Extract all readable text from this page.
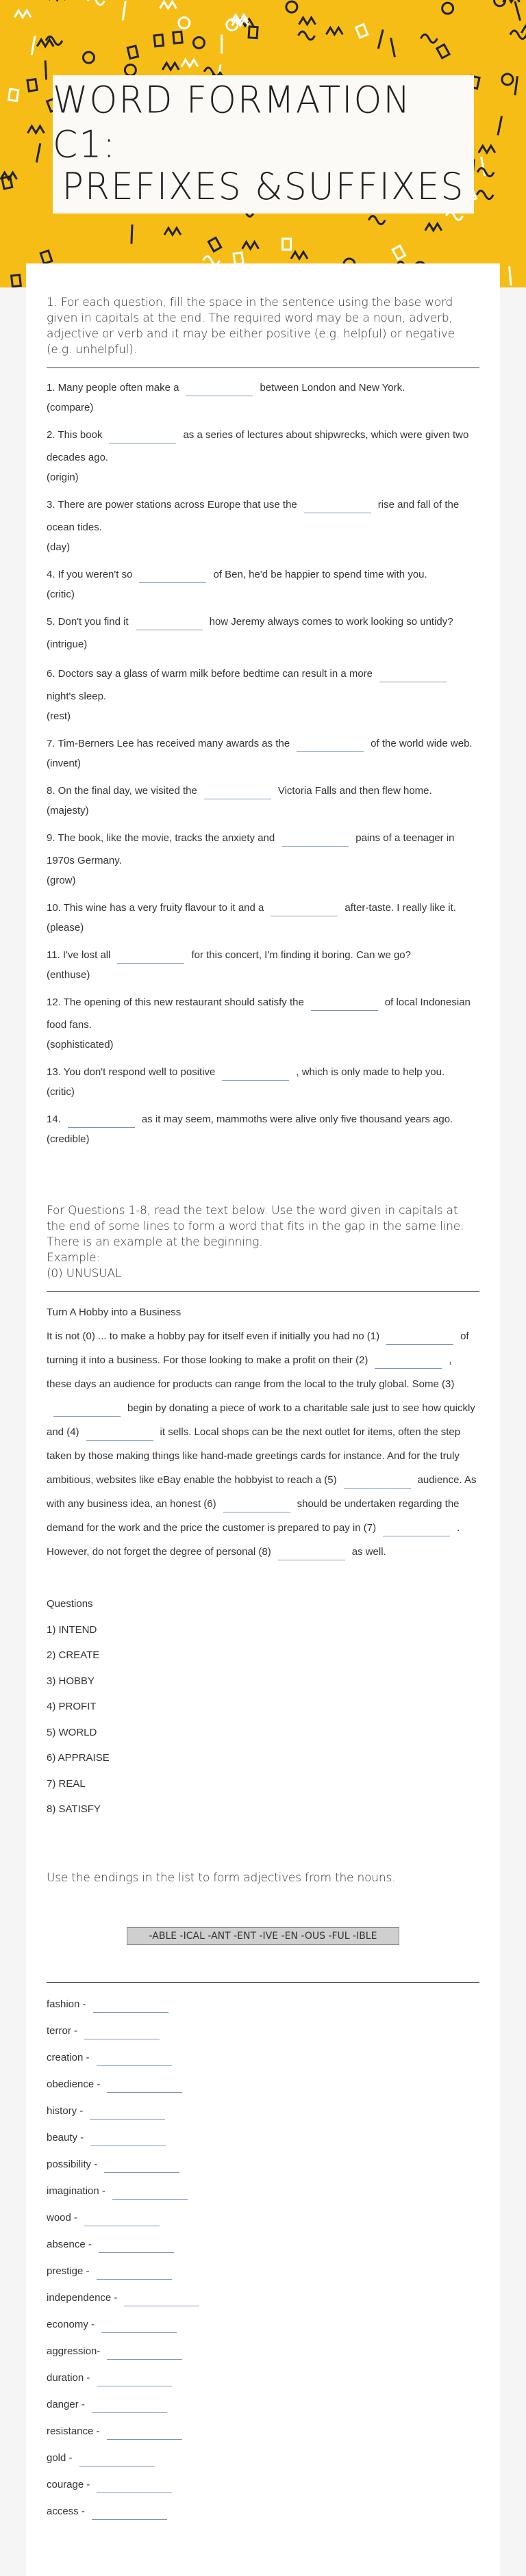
WORD FORMATION C1:
PREFIXES &SUFFIXES
1. For each question, fill the space in the sentence using the base word given in capitals at the end. The required word may be a noun, adverb, adjective or verb and it may be either positive (e.g. helpful) or negative (e.g. unhelpful).

1. Many people often make a	between London and New York.
(compare)

2. This book	as a series of lectures about shipwrecks, which were given two decades ago.
(origin)

3. There are power stations across Europe that use the	rise and fall of the ocean tides.
(day)

4. If you weren't so	of Ben, he'd be happier to spend time with you.
(critic)

5. Don't you find it	how Jeremy always comes to work looking so untidy?(intrigue)

6. Doctors say a glass of warm milk before bedtime can result in a morenight's sleep.
(rest)

7. Tim-Berners Lee has received many awards as the	of the world wide web.
(invent)

8. On the final day, we visited the	Victoria Falls and then flew home.
(majesty)

9. The book, like the movie, tracks the anxiety and	pains of a teenager in 1970s Germany.
(grow)

10. This wine has a very fruity flavour to it and a	after-taste. I really like it.
(please)

11. I've lost all	for this concert, I'm finding it boring. Can we go?
(enthuse)

12. The opening of this new restaurant should satisfy the	of local Indonesian food fans.
(sophisticated)

13. You don't respond well to positive	, which is only made to help you.
(critic)

14.	as it may seem, mammoths were alive only five thousand years ago.
(credible)

For Questions 1-8, read the text below. Use the word given in capitals at the end of some lines to form a word that fits in the gap in the same line. There is an example at the beginning.
Example:
(0) UNUSUAL
Turn A Hobby into a Business
It is not (0) ... to make a hobby pay for itself even if initially you had no (1)	of turning it into a business. For those looking to make a profit on their (2)	, these days an audience for products can range from the local to the truly global. Some (3)begin by donating a piece of work to a charitable sale just to see how quickly and (4)	it sells. Local shops can be the next outlet for items, often the step taken by those making things like hand-made greetings cards for instance. And for the truly ambitious, websites like eBay enable the hobbyist to reach a (5)	audience. As with any business idea, an honest (6)	should be undertaken regarding the demand for the work and the price the customer is prepared to pay in (7)	. However, do not forget the degree of personal (8)	as well.

Questions

1) INTEND

2) CREATE

3) HOBBY

4) PROFIT

5) WORLD

6) APPRAISE

7) REAL

8) SATISFY

Use the endings in the list to form adjectives from the nouns.
-ABLE -ICAL -ANT -ENT -IVE -EN -OUS -FUL -IBLE

fashion -

terror -

creation -

obedience -

history -

beauty -

possibility -

imagination -

wood -

absence -

prestige -

independence -

economy -

aggression-

duration -

danger -

resistance -

gold -

courage -

access -
